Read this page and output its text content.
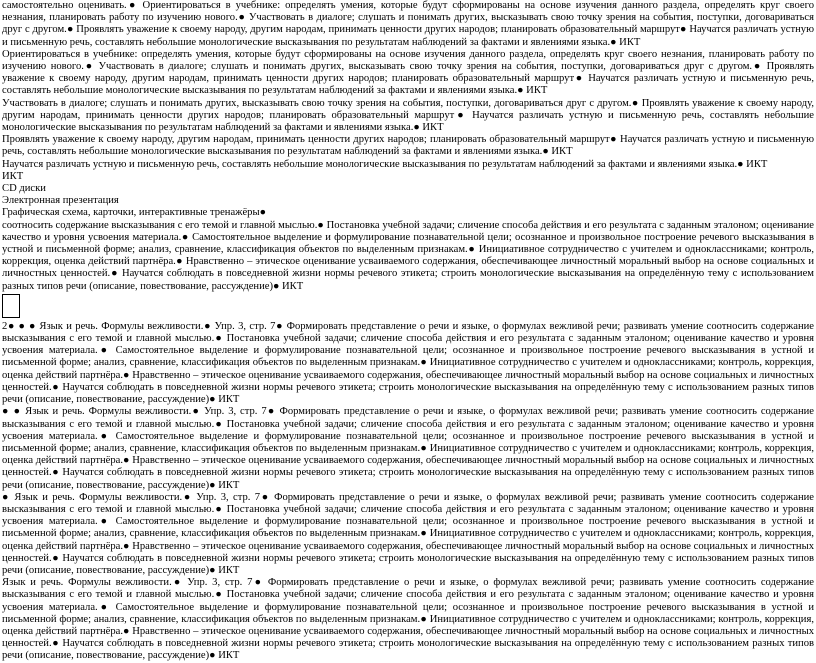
самостоятельно оценивать.● Ориентироваться в учебнике: определять умения, которые будут сформированы на основе изучения данного раздела, определять круг своего незнания, планировать работу по изучению нового.● Участвовать в диалоге; слушать и понимать других, высказывать свою точку зрения на события, поступки, договариваться друг с другом.● Проявлять уважение к своему народу, другим народам, принимать ценности других народов; планировать образовательный маршрут● Научатся различать устную и письменную речь, составлять небольшие монологические высказывания по результатам наблюдений за фактами и явлениями языка.● ИКТ

Ориентироваться в учебнике: определять умения, которые будут сформированы на основе изучения данного раздела, определять круг своего незнания, планировать работу по изучению нового.● Участвовать в диалоге; слушать и понимать других, высказывать свою точку зрения на события, поступки, договариваться друг с другом.● Проявлять уважение к своему народу, другим народам, принимать ценности других народов; планировать образовательный маршрут● Научатся различать устную и письменную речь, составлять небольшие монологические высказывания по результатам наблюдений за фактами и явлениями языка.● ИКТ

Участвовать в диалоге; слушать и понимать других, высказывать свою точку зрения на события, поступки, договариваться друг с другом.● Проявлять уважение к своему народу, другим народам, принимать ценности других народов; планировать образовательный маршрут● Научатся различать устную и письменную речь, составлять небольшие монологические высказывания по результатам наблюдений за фактами и явлениями языка.● ИКТ

Проявлять уважение к своему народу, другим народам, принимать ценности других народов; планировать образовательный маршрут● Научатся различать устную и письменную речь, составлять небольшие монологические высказывания по результатам наблюдений за фактами и явлениями языка.● ИКТ

Научатся различать устную и письменную речь, составлять небольшие монологические высказывания по результатам наблюдений за фактами и явлениями языка.● ИКТ

ИКТ

CD диски

Электронная презентация

Графическая схема, карточки, интерактивные тренажёры●

соотносить содержание высказывания с его темой и главной мыслью.● Постановка учебной задачи; сличение способа действия и его результата с заданным эталоном; оценивание качество и уровня усвоения материала.● Самостоятельное выделение и формулирование познавательной цели; осознанное и произвольное построение речевого высказывания в устной и письменной форме; анализ, сравнение, классификация объектов по выделенным признакам.● Инициативное сотрудничество с учителем и одноклассниками; контроль, коррекция, оценка действий партнёра.● Нравственно – этическое оценивание усваиваемого содержания, обеспечивающее личностный моральный выбор на основе социальных и личностных ценностей.● Научатся соблюдать в повседневной жизни нормы речевого этикета; строить монологические высказывания на определённую тему с использованием разных типов речи (описание, повествование, рассуждение)● ИКТ

2● ● ● Язык и речь. Формулы вежливости.● Упр. 3, стр. 7● Формировать представление о речи и языке, о формулах вежливой речи; развивать умение соотносить содержание высказывания с его темой и главной мыслью.● Постановка учебной задачи; сличение способа действия и его результата с заданным эталоном; оценивание качество и уровня усвоения материала.● Самостоятельное выделение и формулирование познавательной цели; осознанное и произвольное построение речевого высказывания в устной и письменной форме; анализ, сравнение, классификация объектов по выделенным признакам.● Инициативное сотрудничество с учителем и одноклассниками; контроль, коррекция, оценка действий партнёра.● Нравственно – этическое оценивание усваиваемого содержания, обеспечивающее личностный моральный выбор на основе социальных и личностных ценностей.● Научатся соблюдать в повседневной жизни нормы речевого этикета; строить монологические высказывания на определённую тему с использованием разных типов речи (описание, повествование, рассуждение)● ИКТ

● ● Язык и речь. Формулы вежливости.● Упр. 3, стр. 7● Формировать представление о речи и языке, о формулах вежливой речи; развивать умение соотносить содержание высказывания с его темой и главной мыслью.● Постановка учебной задачи; сличение способа действия и его результата с заданным эталоном; оценивание качество и уровня усвоения материала.● Самостоятельное выделение и формулирование познавательной цели; осознанное и произвольное построение речевого высказывания в устной и письменной форме; анализ, сравнение, классификация объектов по выделенным признакам.● Инициативное сотрудничество с учителем и одноклассниками; контроль, коррекция, оценка действий партнёра.● Нравственно – этическое оценивание усваиваемого содержания, обеспечивающее личностный моральный выбор на основе социальных и личностных ценностей.● Научатся соблюдать в повседневной жизни нормы речевого этикета; строить монологические высказывания на определённую тему с использованием разных типов речи (описание, повествование, рассуждение)● ИКТ

● Язык и речь. Формулы вежливости.● Упр. 3, стр. 7● Формировать представление о речи и языке, о формулах вежливой речи; развивать умение соотносить содержание высказывания с его темой и главной мыслью.● Постановка учебной задачи; сличение способа действия и его результата с заданным эталоном; оценивание качество и уровня усвоения материала.● Самостоятельное выделение и формулирование познавательной цели; осознанное и произвольное построение речевого высказывания в устной и письменной форме; анализ, сравнение, классификация объектов по выделенным признакам.● Инициативное сотрудничество с учителем и одноклассниками; контроль, коррекция, оценка действий партнёра.● Нравственно – этическое оценивание усваиваемого содержания, обеспечивающее личностный моральный выбор на основе социальных и личностных ценностей.● Научатся соблюдать в повседневной жизни нормы речевого этикета; строить монологические высказывания на определённую тему с использованием разных типов речи (описание, повествование, рассуждение)● ИКТ

Язык и речь. Формулы вежливости.● Упр. 3, стр. 7● Формировать представление о речи и языке, о формулах вежливой речи; развивать умение соотносить содержание высказывания с его темой и главной мыслью.● Постановка учебной задачи; сличение способа действия и его результата с заданным эталоном; оценивание качество и уровня усвоения материала.● Самостоятельное выделение и формулирование познавательной цели; осознанное и произвольное построение речевого высказывания в устной и письменной форме; анализ, сравнение, классификация объектов по выделенным признакам.● Инициативное сотрудничество с учителем и одноклассниками; контроль, коррекция, оценка действий партнёра.● Нравственно – этическое оценивание усваиваемого содержания, обеспечивающее личностный моральный выбор на основе социальных и личностных ценностей.● Научатся соблюдать в повседневной жизни нормы речевого этикета; строить монологические высказывания на определённую тему с использованием разных типов речи (описание, повествование, рассуждение)● ИКТ
